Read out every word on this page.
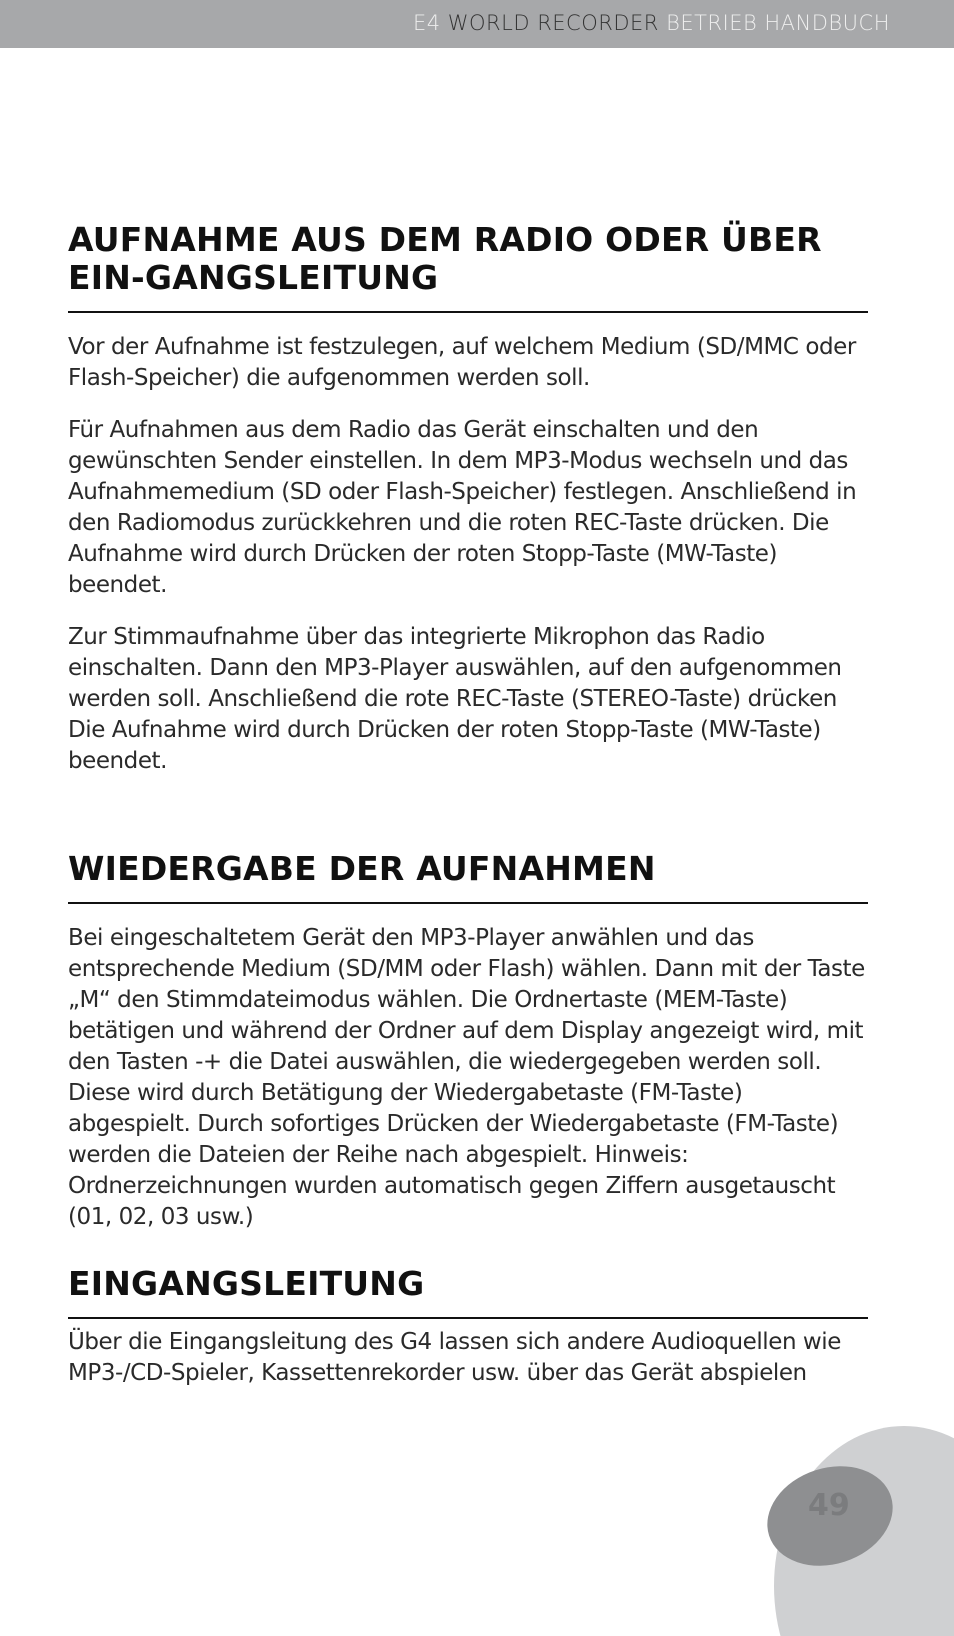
E4 WORLD RECORDER BETRIEB HANDBUCH
AUFNAHME AUS DEM RADIO ODER ÜBER EIN-GANGSLEITUNG

Vor der Aufnahme ist festzulegen, auf welchem Medium (SD/MMC oder Flash-Speicher) die aufgenommen werden soll.

Für Aufnahmen aus dem Radio das Gerät einschalten und den gewünschten Sender einstellen. In dem MP3-Modus wechseln und das Aufnahmemedium (SD oder Flash-Speicher) festlegen. Anschließend in den Radiomodus zurückkehren und die roten REC-Taste drücken. Die Aufnahme wird durch Drücken der roten Stopp-Taste (MW-Taste) beendet.

Zur Stimmaufnahme über das integrierte Mikrophon das Radio einschalten. Dann den MP3-Player auswählen, auf den aufgenommen werden soll. Anschließend die rote REC-Taste (STEREO-Taste) drücken Die Aufnahme wird durch Drücken der roten Stopp-Taste (MW-Taste) beendet.

WIEDERGABE DER AUFNAHMEN

Bei eingeschaltetem Gerät den MP3-Player anwählen und das entsprechende Medium (SD/MM oder Flash) wählen. Dann mit der Taste „M“ den Stimmdateimodus wählen. Die Ordnertaste (MEM-Taste) betätigen und während der Ordner auf dem Display angezeigt wird, mit den Tasten -+ die Datei auswählen, die wiedergegeben werden soll. Diese wird durch Betätigung der Wiedergabetaste (FM-Taste) abgespielt. Durch sofortiges Drücken der Wiedergabetaste (FM-Taste) werden die Dateien der Reihe nach abgespielt. Hinweis: Ordnerzeichnungen wurden automatisch gegen Ziffern ausgetauscht (01, 02, 03 usw.)

EINGANGSLEITUNG

Über die Eingangsleitung des G4 lassen sich andere Audioquellen wie MP3-/CD-Spieler, Kassettenrekorder usw. über das Gerät abspielen

49
